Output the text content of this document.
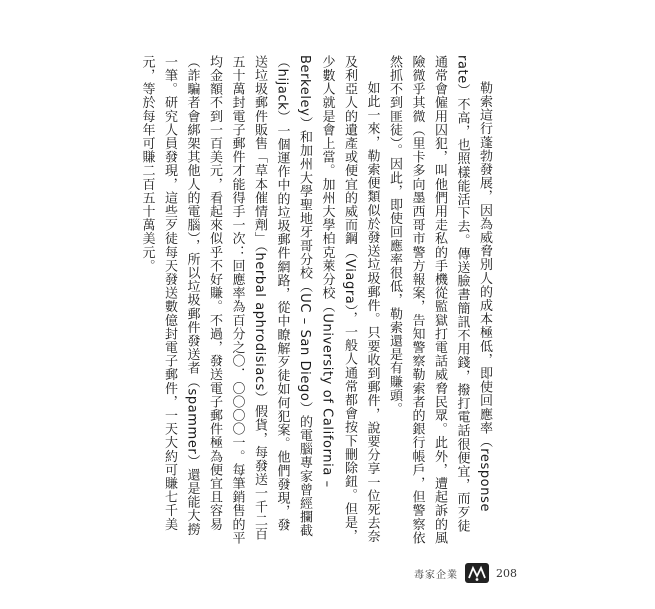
勒索這行蓬勃發展，因為威脅別人的成本極低，即使回應率（response rate）不高，也照樣能活下去。傳送臉書簡訊不用錢，撥打電話很便宜，而歹徒通常會僱用囚犯，叫他們用走私的手機從監獄打電話威脅民眾。此外，遭起訴的風險微乎其微（里卡多向墨西哥市警方報案，告知警察勒索者的銀行帳戶，但警察依然抓不到匪徒）。因此，即使回應率很低，勒索還是有賺頭。

如此一來，勒索便類似於發送垃圾郵件。只要收到郵件，說要分享一位死去奈及利亞人的遺產或便宜的威而鋼（Viagra），一般人通常都會按下刪除鈕。但是，少數人就是會上當。加州大學柏克萊分校（University of California – Berkeley）和加州大學聖地牙哥分校（UC – San Diego）的電腦專家曾經攔截（hijack）一個運作中的垃圾郵件網路，從中瞭解歹徒如何犯案。他們發現，發送垃圾郵件販售「草本催情劑」（herbal aphrodisiacs）假貨，每發送一千二百五十萬封電子郵件才能得手一次：回應率為百分之〇．〇〇〇〇一。每筆銷售的平均金額不到一百美元，看起來似乎不好賺。不過，發送電子郵件極為便宜且容易（詐騙者會綁架其他人的電腦），所以垃圾郵件發送者（spammer）還是能大撈一筆。研究人員發現，這些歹徒每天發送數億封電子郵件，一天大約可賺七千美元，等於每年可賺二百五十萬美元。

毒家企業	208
